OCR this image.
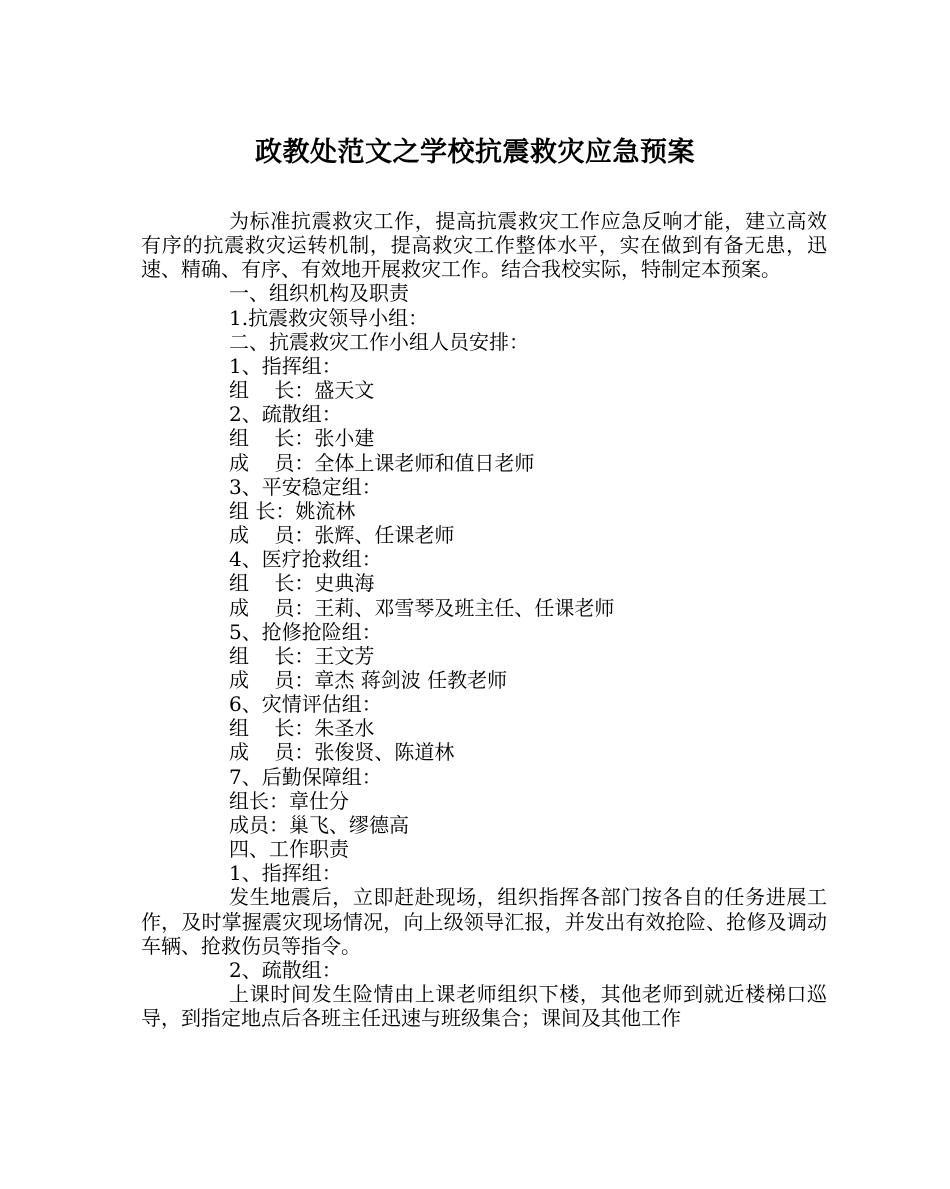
政教处范文之学校抗震救灾应急预案

为标准抗震救灾工作，提高抗震救灾工作应急反响才能，建立高效有序的抗震救灾运转机制，提高救灾工作整体水平，实在做到有备无患，迅速、精确、有序、有效地开展救灾工作。结合我校实际，特制定本预案。

一、组织机构及职责

1.抗震救灾领导小组：

二、抗震救灾工作小组人员安排：

1、指挥组：

组    长：盛天文

2、疏散组：

组    长：张小建

成    员：全体上课老师和值日老师

3、平安稳定组：

组 长：姚流林

成    员：张辉、任课老师

4、医疗抢救组：

组    长：史典海

成    员：王莉、邓雪琴及班主任、任课老师

5、抢修抢险组：

组    长：王文芳

成    员：章杰 蒋剑波 任教老师

6、灾情评估组：

组    长：朱圣水

成    员：张俊贤、陈道林

7、后勤保障组：

组长：章仕分

成员：巢飞、缪德高

四、工作职责

1、指挥组：

发生地震后，立即赶赴现场，组织指挥各部门按各自的任务进展工作，及时掌握震灾现场情况，向上级领导汇报，并发出有效抢险、抢修及调动车辆、抢救伤员等指令。

2、疏散组：

上课时间发生险情由上课老师组织下楼，其他老师到就近楼梯口巡导，到指定地点后各班主任迅速与班级集合；课间及其他工作
